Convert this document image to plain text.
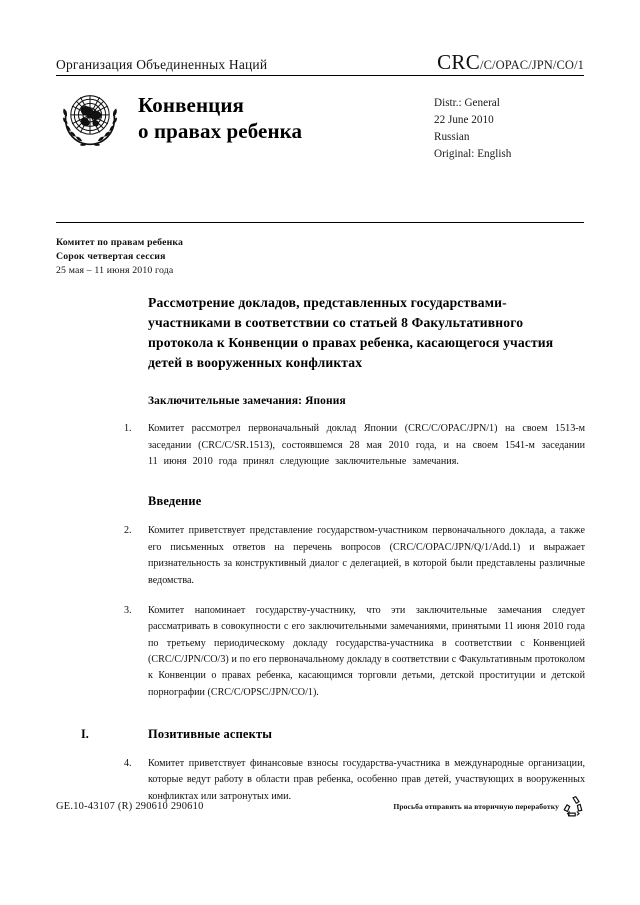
Организация Объединенных Наций	CRC/C/OPAC/JPN/CO/1
Конвенция
о правах ребенка
Distr.: General
22 June 2010
Russian
Original: English
Комитет по правам ребенка
Сорок четвертая сессия
25 мая – 11 июня 2010 года
Рассмотрение докладов, представленных государствами-участниками в соответствии со статьей 8 Факультативного протокола к Конвенции о правах ребенка, касающегося участия детей в вооруженных конфликтах
Заключительные замечания: Япония
1. Комитет рассмотрел первоначальный доклад Японии (CRC/C/OPAC/JPN/1) на своем 1513-м заседании (CRC/C/SR.1513), состоявшемся 28 мая 2010 года, и на своем 1541-м заседании 11 июня 2010 года принял следующие заключительные замечания.
Введение
2. Комитет приветствует представление государством-участником первоначального доклада, а также его письменных ответов на перечень вопросов (CRC/C/OPAC/JPN/Q/1/Add.1) и выражает признательность за конструктивный диалог с делегацией, в которой были представлены различные ведомства.
3. Комитет напоминает государству-участнику, что эти заключительные замечания следует рассматривать в совокупности с его заключительными замечаниями, принятыми 11 июня 2010 года по третьему периодическому докладу государства-участника в соответствии с Конвенцией (CRC/C/JPN/CO/3) и по его первоначальному докладу в соответствии с Факультативным протоколом к Конвенции о правах ребенка, касающимся торговли детьми, детской проституции и детской порнографии (CRC/C/OPSC/JPN/CO/1).
I.	Позитивные аспекты
4. Комитет приветствует финансовые взносы государства-участника в международные организации, которые ведут работу в области прав ребенка, особенно прав детей, участвующих в вооруженных конфликтах или затронутых ими.
GE.10-43107 (R) 290610 290610	Просьба отправить на вторичную переработку
